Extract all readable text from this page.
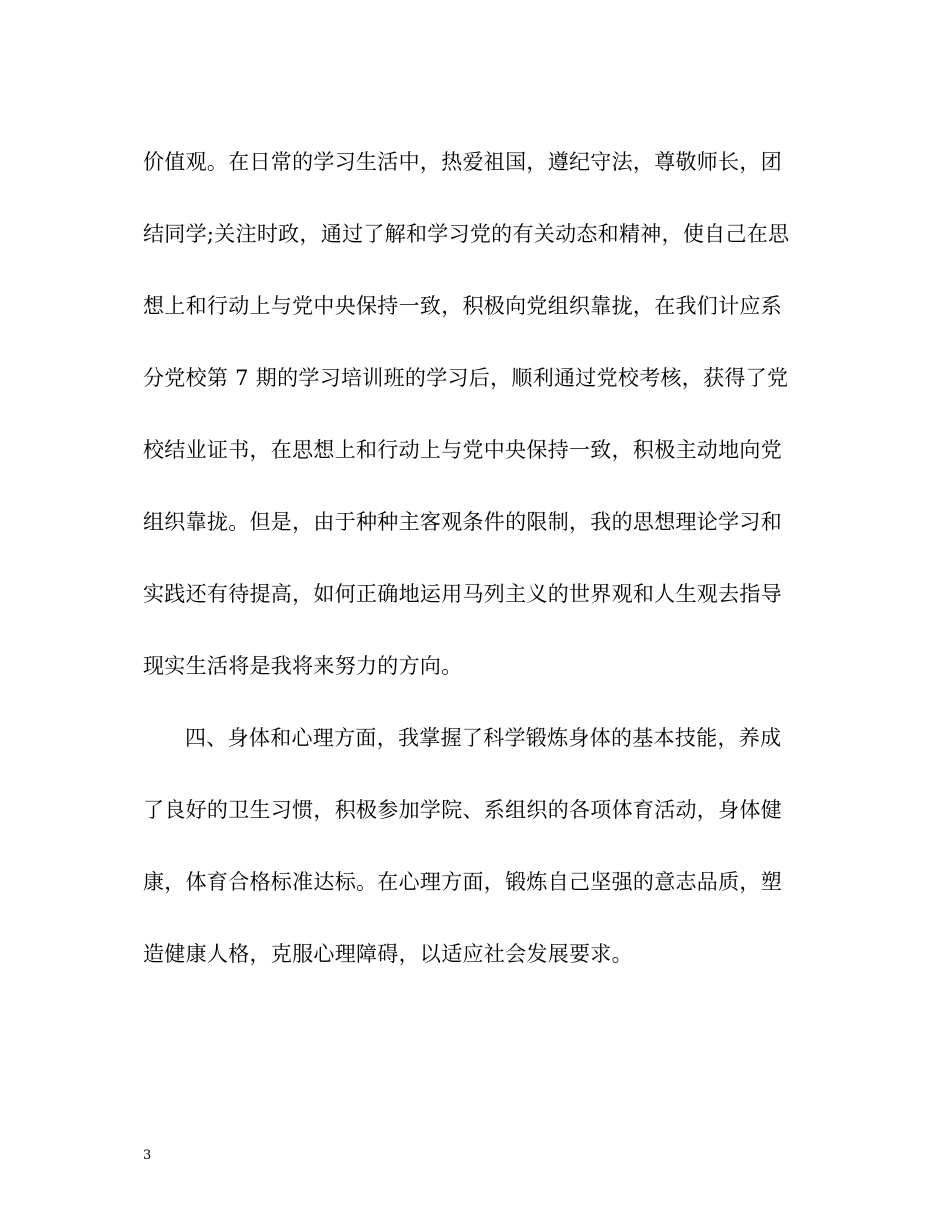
价值观。在日常的学习生活中，热爱祖国，遵纪守法，尊敬师长，团
结同学;关注时政，通过了解和学习党的有关动态和精神，使自己在思
想上和行动上与党中央保持一致，积极向党组织靠拢，在我们计应系
分党校第 7 期的学习培训班的学习后，顺利通过党校考核，获得了党
校结业证书，在思想上和行动上与党中央保持一致，积极主动地向党
组织靠拢。但是，由于种种主客观条件的限制，我的思想理论学习和
实践还有待提高，如何正确地运用马列主义的世界观和人生观去指导
现实生活将是我将来努力的方向。
四、身体和心理方面，我掌握了科学锻炼身体的基本技能，养成
了良好的卫生习惯，积极参加学院、系组织的各项体育活动，身体健
康，体育合格标准达标。在心理方面，锻炼自己坚强的意志品质，塑
造健康人格，克服心理障碍，以适应社会发展要求。
3
